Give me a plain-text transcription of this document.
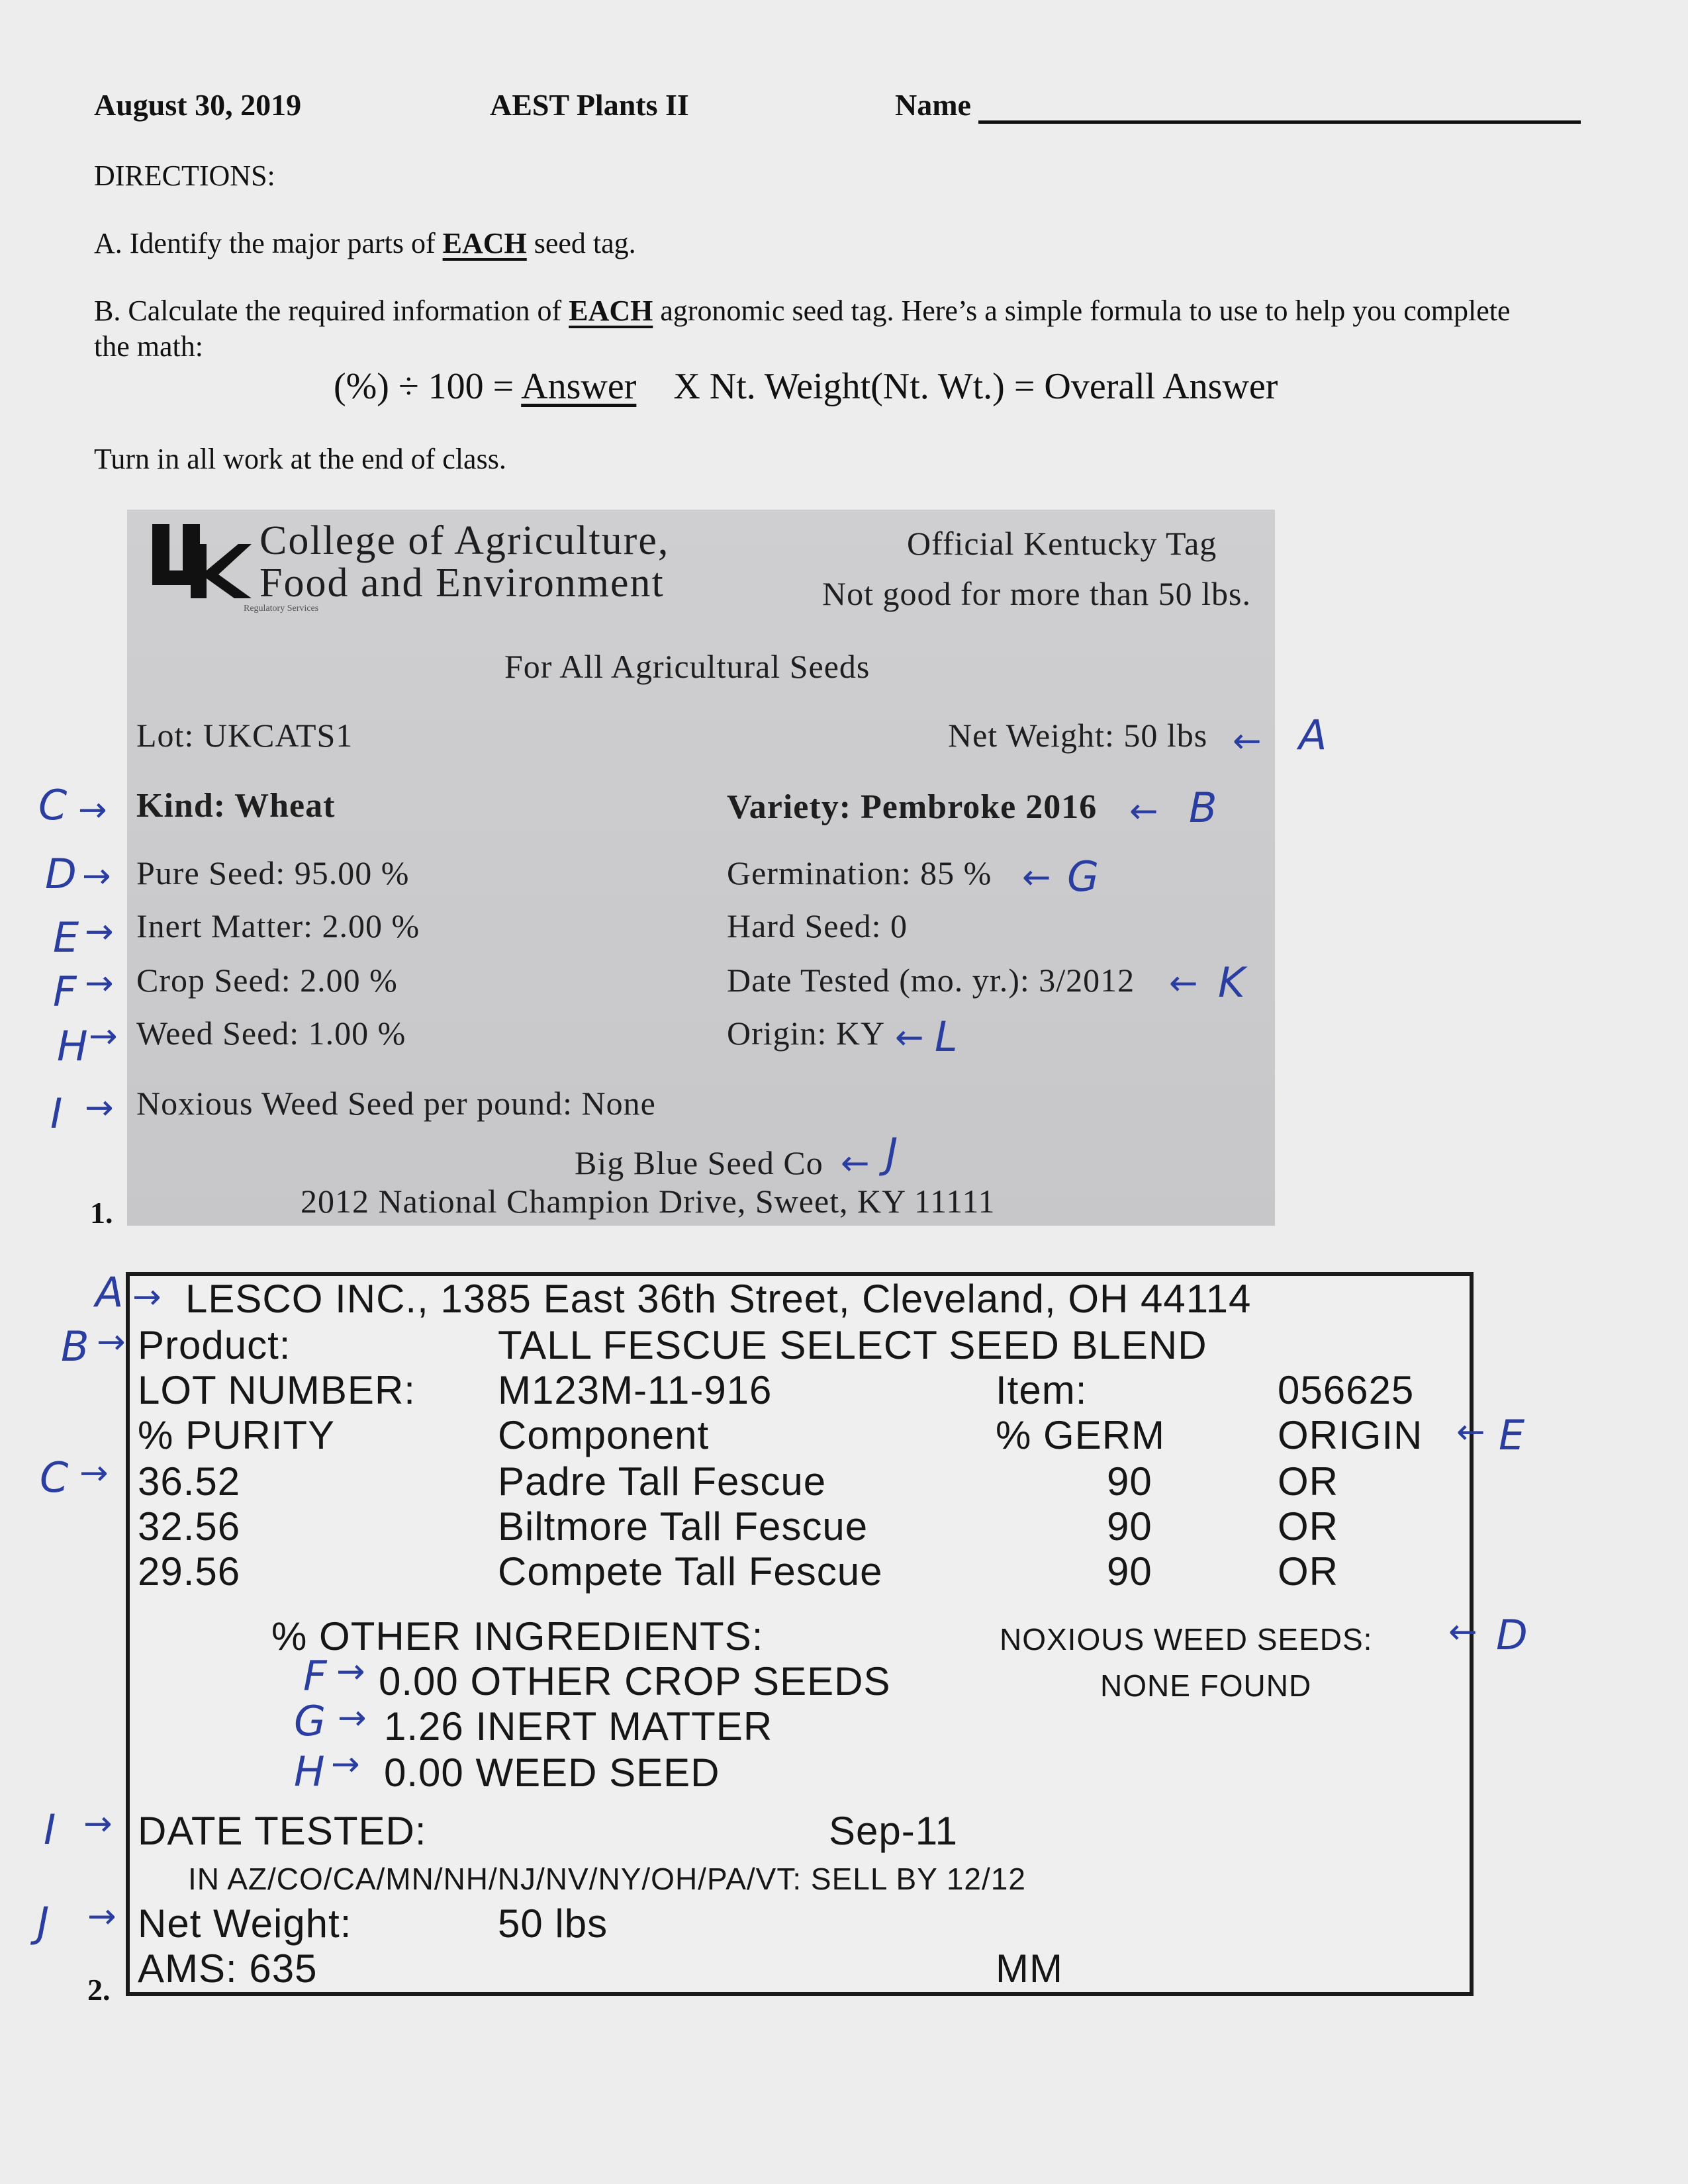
August 30, 2019	AEST Plants II	Name
DIRECTIONS:
A. Identify the major parts of EACH seed tag.
B. Calculate the required information of EACH agronomic seed tag. Here’s a simple formula to use to help you complete
the math:
(%) ÷ 100 = Answer X Nt. Weight(Nt. Wt.) = Overall Answer
Turn in all work at the end of class.
College of Agriculture,
Food and Environment
Regulatory Services
Official Kentucky Tag
Not good for more than 50 lbs.
For All Agricultural Seeds
Lot: UKCATS1	Net Weight: 50 lbs
Kind: Wheat	Variety: Pembroke 2016
Pure Seed: 95.00 %	Germination: 85 %
Inert Matter: 2.00 %	Hard Seed: 0
Crop Seed: 2.00 %	Date Tested (mo. yr.): 3/2012
Weed Seed: 1.00 %	Origin: KY
Noxious Weed Seed per pound: None
Big Blue Seed Co
2012 National Champion Drive, Sweet, KY 11111
1.
← A
← B
C →
D →	← G
E →
F →	← K
H →	← L
I →
← J
LESCO INC., 1385 East 36th Street, Cleveland, OH 44114
Product:	TALL FESCUE SELECT SEED BLEND
LOT NUMBER: M123M-11-916	Item:	056625
% PURITY	Component	% GERM	ORIGIN
36.52	Padre Tall Fescue	90	OR
32.56	Biltmore Tall Fescue	90	OR
29.56	Compete Tall Fescue	90	OR
% OTHER INGREDIENTS:	NOXIOUS WEED SEEDS:
NONE FOUND
0.00 OTHER CROP SEEDS
1.26 INERT MATTER
0.00 WEED SEED
DATE TESTED:	Sep-11
IN AZ/CO/CA/MN/NH/NJ/NV/NY/OH/PA/VT: SELL BY 12/12
Net Weight:	50 lbs
AMS: 635	MM
2.
A →
B →
C →
← E
← D
F →
G →
H →
I →
J →
